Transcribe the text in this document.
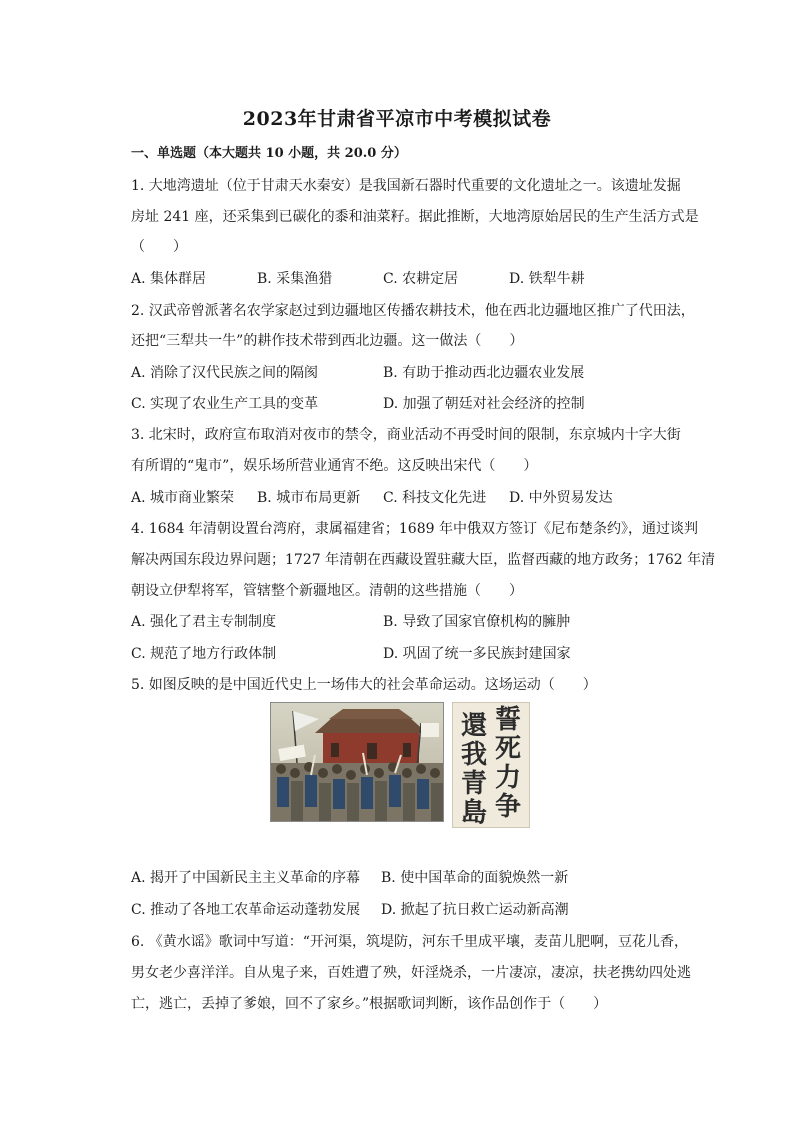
2023年甘肃省平凉市中考模拟试卷
一、单选题（本大题共 10 小题，共 20.0 分）
1. 大地湾遗址（位于甘肃天水秦安）是我国新石器时代重要的文化遗址之一。该遗址发掘
房址 241 座，还采集到已碳化的黍和油菜籽。据此推断，大地湾原始居民的生产生活方式是
（　　）
A. 集体群居	B. 采集渔猎	C. 农耕定居	D. 铁犁牛耕
2. 汉武帝曾派著名农学家赵过到边疆地区传播农耕技术，他在西北边疆地区推广了代田法，
还把“三犁共一牛”的耕作技术带到西北边疆。这一做法（　　）
A. 消除了汉代民族之间的隔阂	B. 有助于推动西北边疆农业发展
C. 实现了农业生产工具的变革	D. 加强了朝廷对社会经济的控制
3. 北宋时，政府宣布取消对夜市的禁令，商业活动不再受时间的限制，东京城内十字大街
有所谓的“鬼市”，娱乐场所营业通宵不绝。这反映出宋代（　　）
A. 城市商业繁荣 B. 城市布局更新 C. 科技文化先进 D. 中外贸易发达
4. 1684 年清朝设置台湾府，隶属福建省；1689 年中俄双方签订《尼布楚条约》，通过谈判
解决两国东段边界问题；1727 年清朝在西藏设置驻藏大臣，监督西藏的地方政务；1762 年清
朝设立伊犁将军，管辖整个新疆地区。清朝的这些措施（　　）
A. 强化了君主专制制度	B. 导致了国家官僚机构的臃肿
C. 规范了地方行政体制	D. 巩固了统一多民族封建国家
5. 如图反映的是中国近代史上一场伟大的社会革命运动。这场运动（　　）
誓
死
力
争
還
我
青
島
A. 揭开了中国新民主主义革命的序幕 B. 使中国革命的面貌焕然一新
C. 推动了各地工农革命运动蓬勃发展 D. 掀起了抗日救亡运动新高潮
6. 《黄水谣》歌词中写道：“开河渠，筑堤防，河东千里成平壤，麦苗儿肥啊，豆花儿香，
男女老少喜洋洋。自从鬼子来，百姓遭了殃，奸淫烧杀，一片凄凉，凄凉，扶老携幼四处逃
亡，逃亡，丢掉了爹娘，回不了家乡。”根据歌词判断，该作品创作于（　　）
